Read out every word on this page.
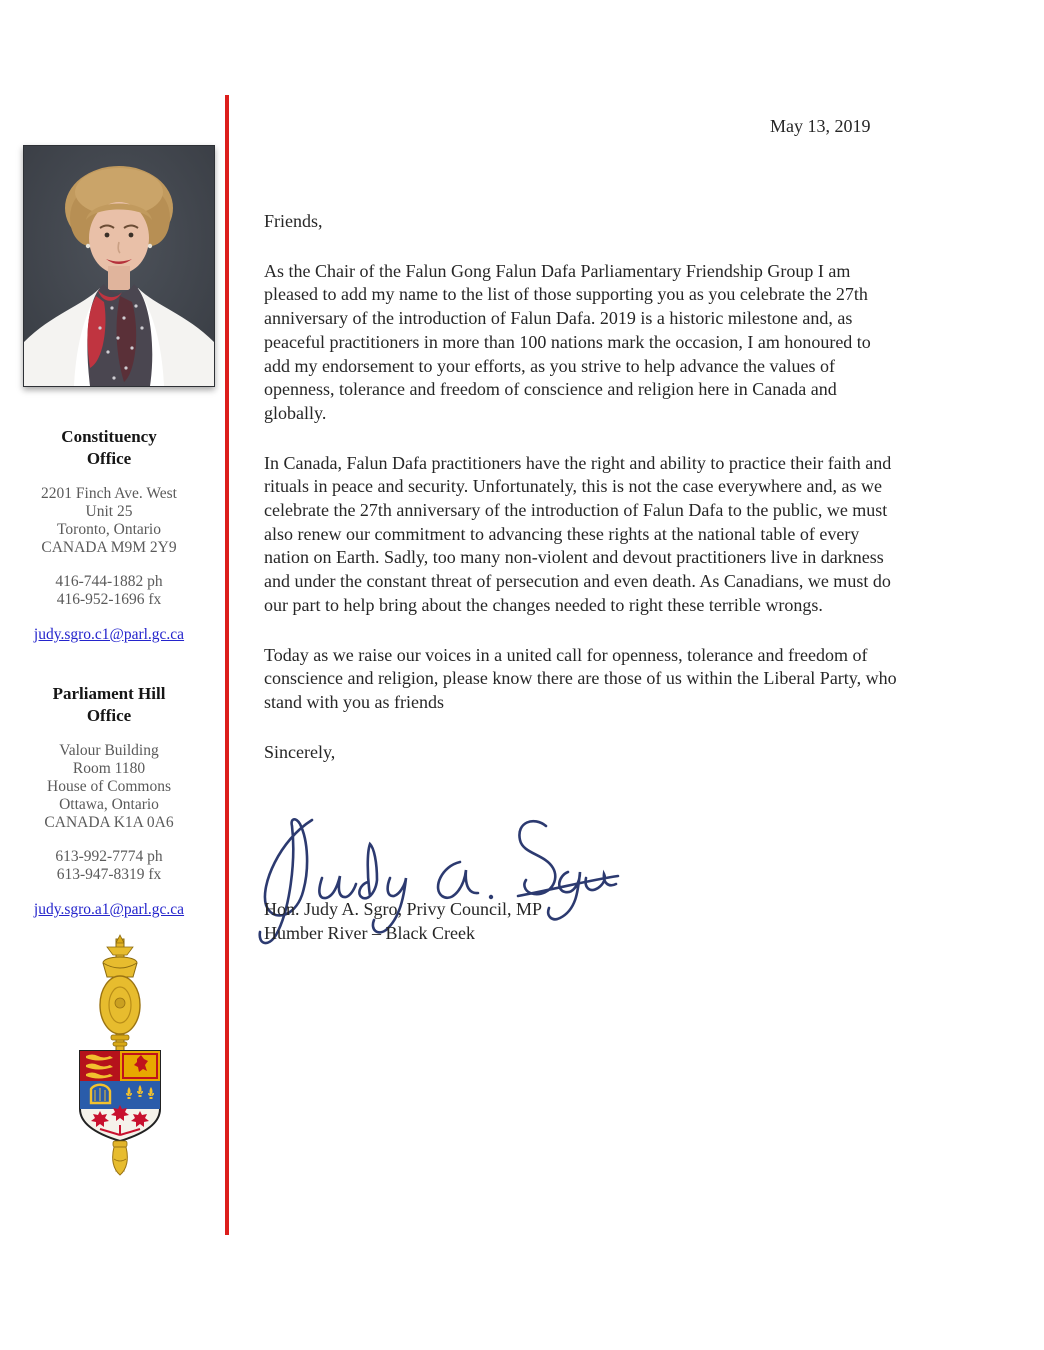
Constituency
Office
2201 Finch Ave. West
Unit 25
Toronto, Ontario
CANADA M9M 2Y9
416-744-1882 ph
416-952-1696 fx
judy.sgro.c1@parl.gc.ca
Parliament Hill
Office
Valour Building
Room 1180
House of Commons
Ottawa, Ontario
CANADA K1A 0A6
613-992-7774 ph
613-947-8319 fx
judy.sgro.a1@parl.gc.ca
May 13, 2019

Friends,

As the Chair of the Falun Gong Falun Dafa Parliamentary Friendship Group I am pleased to add my name to the list of those supporting you as you celebrate the 27th anniversary of the introduction of Falun Dafa. 2019 is a historic milestone and, as peaceful practitioners in more than 100 nations mark the occasion, I am honoured to add my endorsement to your efforts, as you strive to help advance the values of openness, tolerance and freedom of conscience and religion here in Canada and globally.

In Canada, Falun Dafa practitioners have the right and ability to practice their faith and rituals in peace and security. Unfortunately, this is not the case everywhere and, as we celebrate the 27th anniversary of the introduction of Falun Dafa to the public, we must also renew our commitment to advancing these rights at the national table of every nation on Earth. Sadly, too many non-violent and devout practitioners live in darkness and under the constant threat of persecution and even death. As Canadians, we must do our part to help bring about the changes needed to right these terrible wrongs.

Today as we raise our voices in a united call for openness, tolerance and freedom of conscience and religion, please know there are those of us within the Liberal Party, who stand with you as friends

Sincerely,

Hon. Judy A. Sgro, Privy Council, MP
Humber River – Black Creek
